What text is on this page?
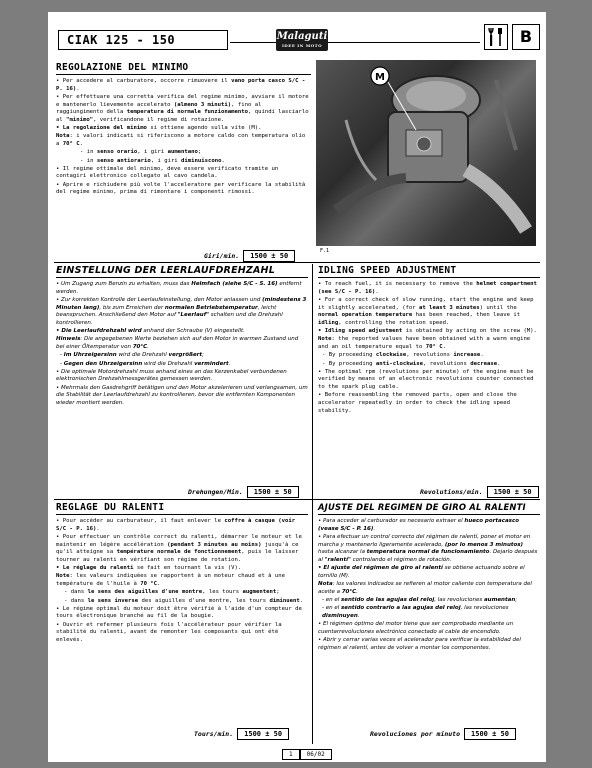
CIAK 125 - 150	Malaguti
IDEE IN MOTO	B
REGOLAZIONE DEL MINIMO

• Per accedere al carburatore, occorre rimuovere il vano porta casco S/C - P. 16).

• Per effettuare una corretta verifica del regime minimo, avviare il motore e mantenerlo lievemente accelerato (almeno 3 minuti), fino al raggiungimento della temperatura di normale funzionamento, quindi lasciarlo al "minimo", verificandone il regime di rotazione.

• La regolazione del minimo si ottiene agendo sulla vite (M).

Nota: i valori indicati si riferiscono a motore caldo con temperatura olio a 70° C.

- in senso orario, i giri aumentano;

- in senso antiorario, i giri diminuiscono.

• Il regime ottimale del minimo, deve essere verificato tramite un contagiri elettronico collegato al cavo candela.

• Aprire e richiudere più volte l'acceleratore per verificare la stabilità del regime minimo, prima di rimontare i componenti rimossi.

Giri/min.	1500 ± 50
M
F.1
EINSTELLUNG DER LEERLAUFDREHZAHL

• Um Zugang zum Benzin zu erhalten, muss das Helmfach (siehe S/C - S. 16) entfernt werden.

• Zur korrekten Kontrolle der Leerlaufeinstellung, den Motor anlassen und (mindestens 3 Minuten lang), bis zum Erreichen der normalen Betriebstemperatur, leicht beanspruchen. Anschließend den Motor auf "Leerlauf" schalten und die Drehzahl kontrollieren.

• Die Leerlaufdrehzahl wird anhand der Schraube (V) eingestellt.

Hinweis: Die angegebenen Werte beziehen sich auf den Motor in warmen Zustand und bei einer Öltemperatur von 70°C.

- Im Uhrzeigersinn wird die Drehzahl vergrößert;

- Gegen den Uhrzeigersinn wird die Drehzahl vermindert.

• Die optimale Motordrehzahl muss anhand eines an das Kerzenkabel verbundenen elektronischen Drehzahlmessgerätes gemessen werden.

• Mehrmals den Gasdrehgriff betätigen und den Motor akzelerieren und verlangsamen, um die Stabilität der Leerlaufdrehzahl zu kontrollieren, bevor die entfernten Komponenten wieder montiert werden.

Drehungen/Min.	1500 ± 50
IDLING SPEED ADJUSTMENT

• To reach fuel, it is necessary to remove the helmet compartment (see S/C - P. 16).

• For a correct check of slow running, start the engine and keep it slightly accelerated, (for at least 3 minutes) until the normal operation temperature has been reached, then leave it idling, controlling the rotation speed.

• Idling speed adjustment is obtained by acting on the screw (M).

Note: the reported values have been obtained with a warm engine and an oil temperature equal to 70° C.

- By proceeding clockwise, revolutions increase.

- By proceeding anti-clockwise, revolutions decrease.

• The optimal rpm (revolutions per minute) of the engine must be verified by means of an electronic revolutions counter connected to the spark plug cable.

• Before reassembling the removed parts, open and close the accelerator repeatedly in order to check the idling speed stability.

Revolutions/min.	1500 ± 50
REGLAGE DU RALENTI

• Pour accéder au carburateur, il faut enlever le coffre à casque (voir S/C - P. 16).

• Pour effectuer un contrôle correct du ralenti, démarrer le moteur et le maintenir en légère accélération (pendant 3 minutes au moins) jusqu'à ce qu'il atteigne sa température normale de fonctionnement, puis le laisser tourner au ralenti en vérifiant son régime de rotation.

• Le réglage du ralenti se fait en tournant la vis (V).

Note: les valeurs indiquées se rapportent à un moteur chaud et à une température de l'huile à 70 °C.

- dans le sens des aiguilles d'une montre, les tours augmentent;

- dans le sens inverse des aiguilles d'une montre, les tours diminuent.

• Le régime optimal du moteur doit être vérifié à l'aide d'un compteur de tours électronique branché au fil de la bougie.

• Ouvrir et refermer plusieurs fois l'accélérateur pour vérifier la stabilité du ralenti, avant de remonter les composants qui ont été enlevés.

Tours/min.	1500 ± 50
AJUSTE DEL REGIMEN DE GIRO AL RALENTI

• Para acceder al carburador es necesario extraer el hueco portacasco (vease S/C - P. 16).

• Para efectuar un control correcto del régimen de ralentí, poner el motor en marcha y mantenerlo ligeramente acelerado, (por lo menos 3 minutos) hasta alcanzar la temperatura normal de funcionamiento. Dejarlo después al "ralentí" controlando el régimen de rotación.

• El ajuste del régimen de giro al ralentí se obtiene actuando sobre el tornillo (M).

Nota: los valores indicados se refieren al motor caliente con temperatura del aceite a 70°C.

- en el sentido de las agujas del reloj, las revoluciones aumentan;

- en el sentido contrario a las agujas del reloj, las revoluciones disminuyen.

• El régimen óptimo del motor tiene que ser comprobado mediante un cuentarrevoluciones electrónico conectado al cable de encendido.

• Abrir y cerrar varias veces el acelerador para verificar la estabilidad del régimen al ralentí, antes de volver a montar los componentes.

Revoluciones por minuto	1500 ± 50
1	06/02
